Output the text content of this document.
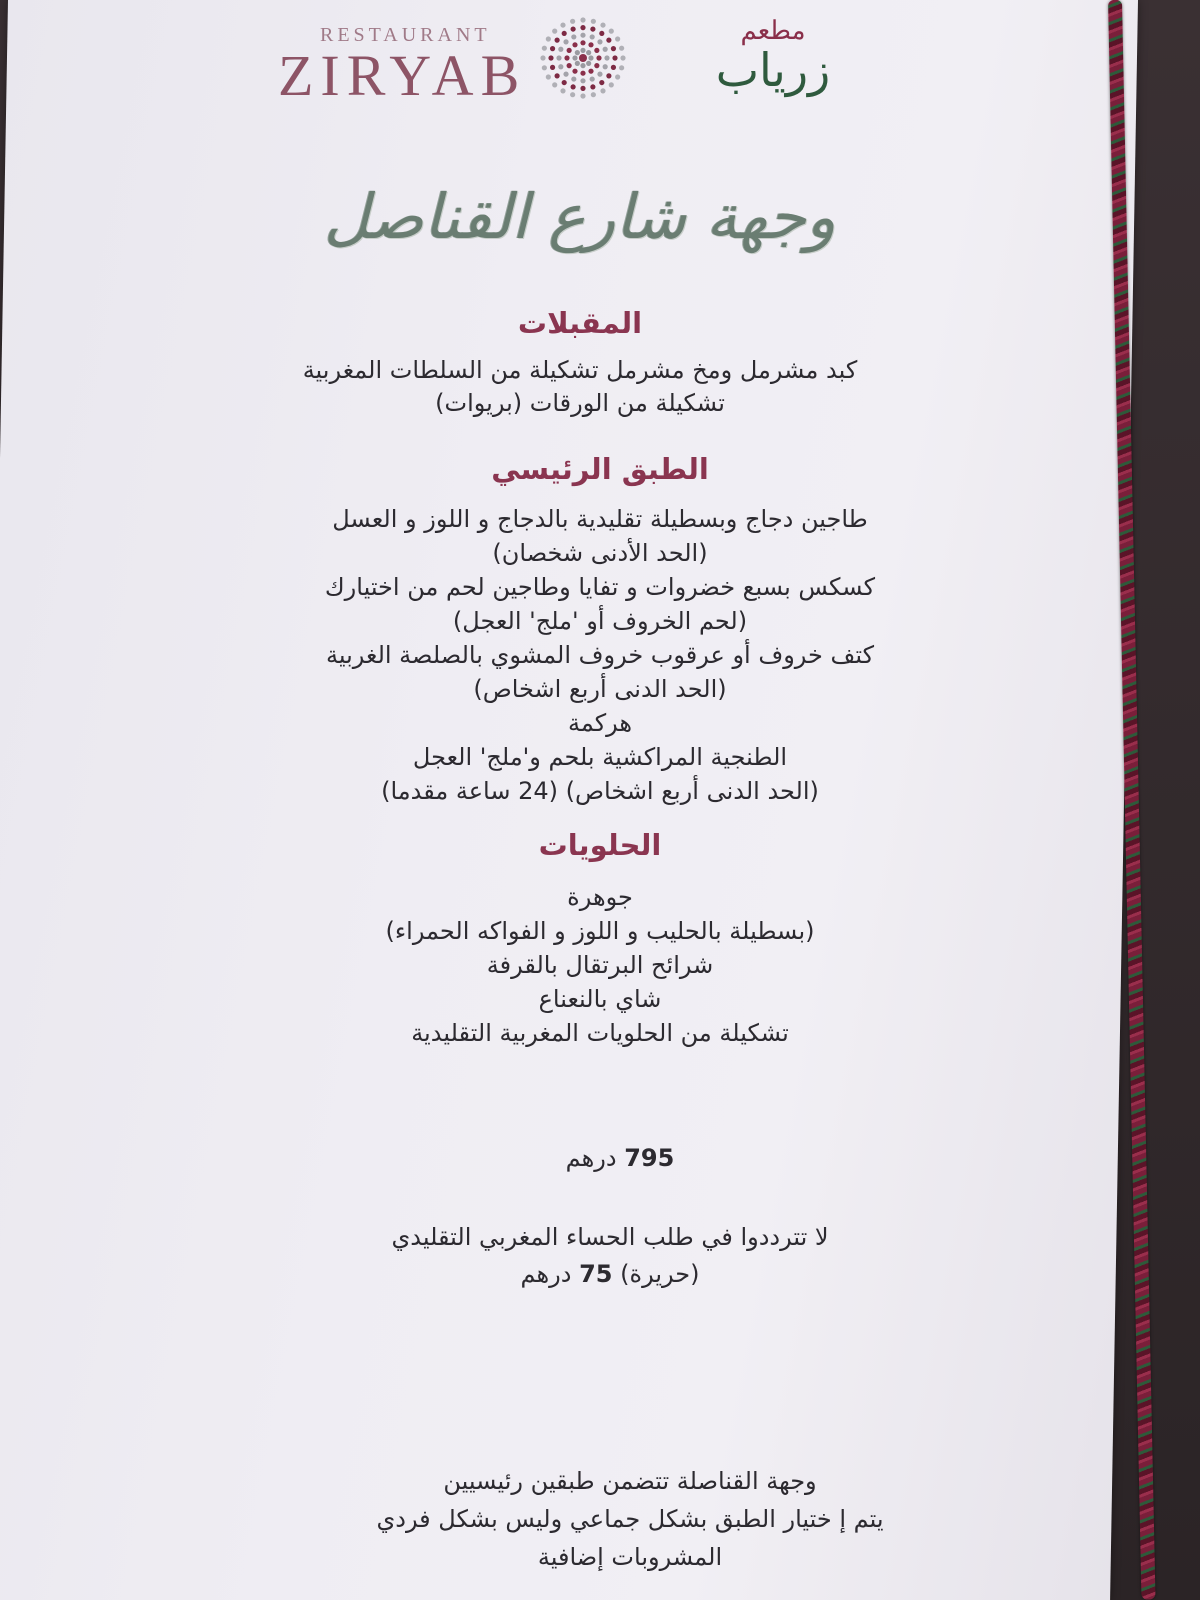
RESTAURANT
ZIRYAB
مطعم
زرياب
وجهة شارع القناصل
المقبلات
كبد مشرمل ومخ مشرمل تشكيلة من السلطات المغربية
تشكيلة من الورقات (بريوات)
الطبق الرئيسي
طاجين دجاج وبسطيلة تقليدية بالدجاج و اللوز و العسل
(الحد الأدنى شخصان)
كسكس بسبع خضروات و تفايا وطاجين لحم من اختيارك
(لحم الخروف أو 'ملج' العجل)
كتف خروف أو عرقوب خروف المشوي بالصلصة الغربية
(الحد الدنى أربع اشخاص)
هركمة
الطنجية المراكشية بلحم و'ملج' العجل
(الحد الدنى أربع اشخاص) (24 ساعة مقدما)
الحلويات
جوهرة
(بسطيلة بالحليب و اللوز و الفواكه الحمراء)
شرائح البرتقال بالقرفة
شاي بالنعناع
تشكيلة من الحلويات المغربية التقليدية
795 درهم
لا تترددوا في طلب الحساء المغربي التقليدي
(حريرة) 75 درهم
وجهة القناصلة تتضمن طبقين رئيسيين
يتم إ ختيار الطبق بشكل جماعي وليس بشكل فردي
المشروبات إضافية
